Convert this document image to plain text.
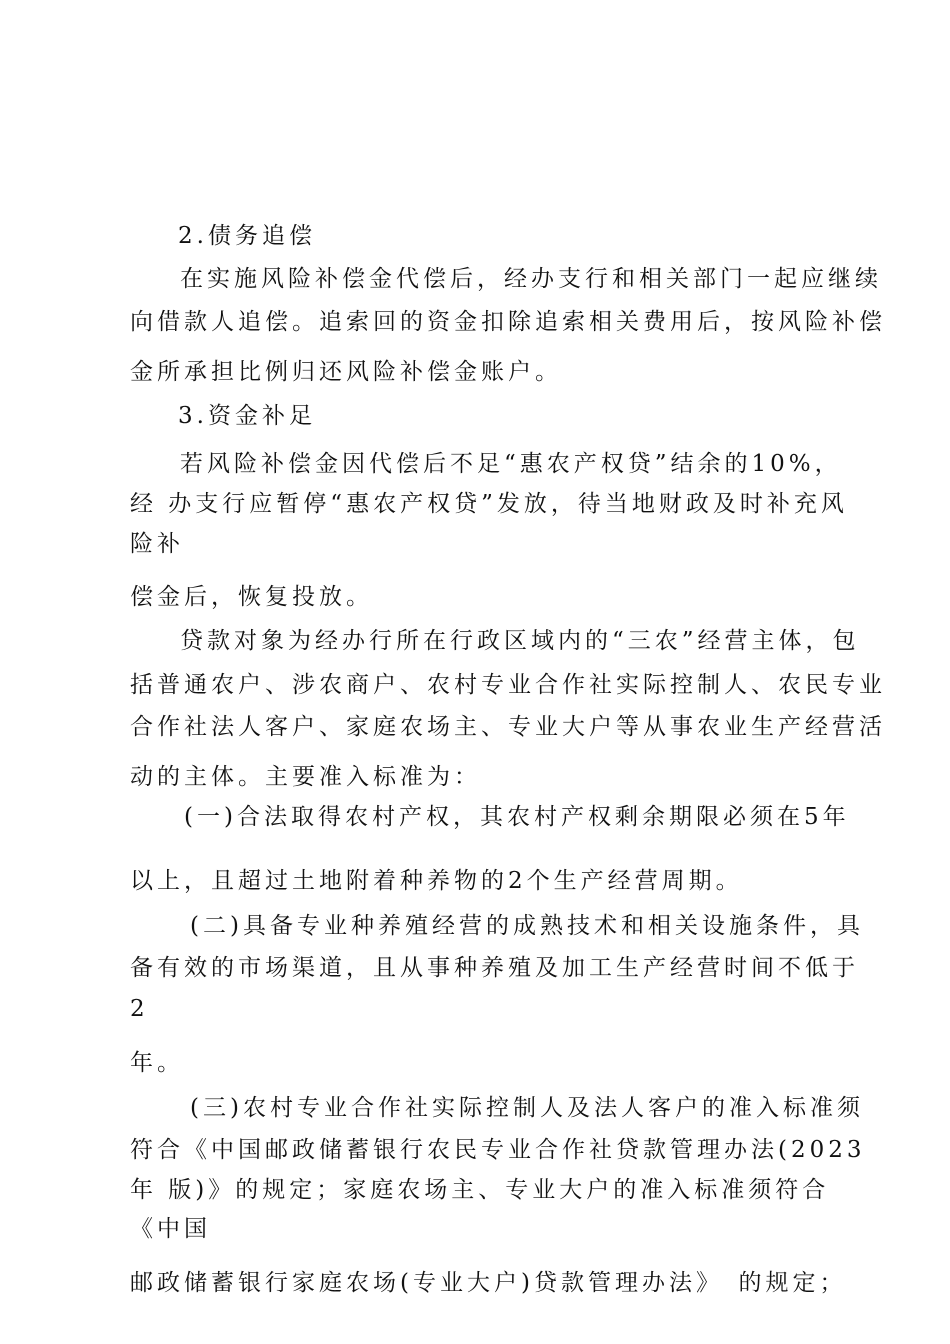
2.债务追偿
在实施风险补偿金代偿后，经办支行和相关部门一起应继续
向借款人追偿。追索回的资金扣除追索相关费用后，按风险补偿
金所承担比例归还风险补偿金账户。
3.资金补足
若风险补偿金因代偿后不足“惠农产权贷”结余的10%，
经 办支行应暂停“惠农产权贷”发放，待当地财政及时补充风
险补
偿金后，恢复投放。
贷款对象为经办行所在行政区域内的“三农”经营主体，包
括普通农户、涉农商户、农村专业合作社实际控制人、农民专业
合作社法人客户、家庭农场主、专业大户等从事农业生产经营活
动的主体。主要准入标准为：
(一)合法取得农村产权，其农村产权剩余期限必须在5年
以上，且超过土地附着种养物的2个生产经营周期。
(二)具备专业种养殖经营的成熟技术和相关设施条件，具
备有效的市场渠道，且从事种养殖及加工生产经营时间不低于
2
年。
(三)农村专业合作社实际控制人及法人客户的准入标准须
符合《中国邮政储蓄银行农民专业合作社贷款管理办法(2023
年 版)》的规定；家庭农场主、专业大户的准入标准须符合
《中国
邮政储蓄银行家庭农场(专业大户)贷款管理办法》　的规定；
